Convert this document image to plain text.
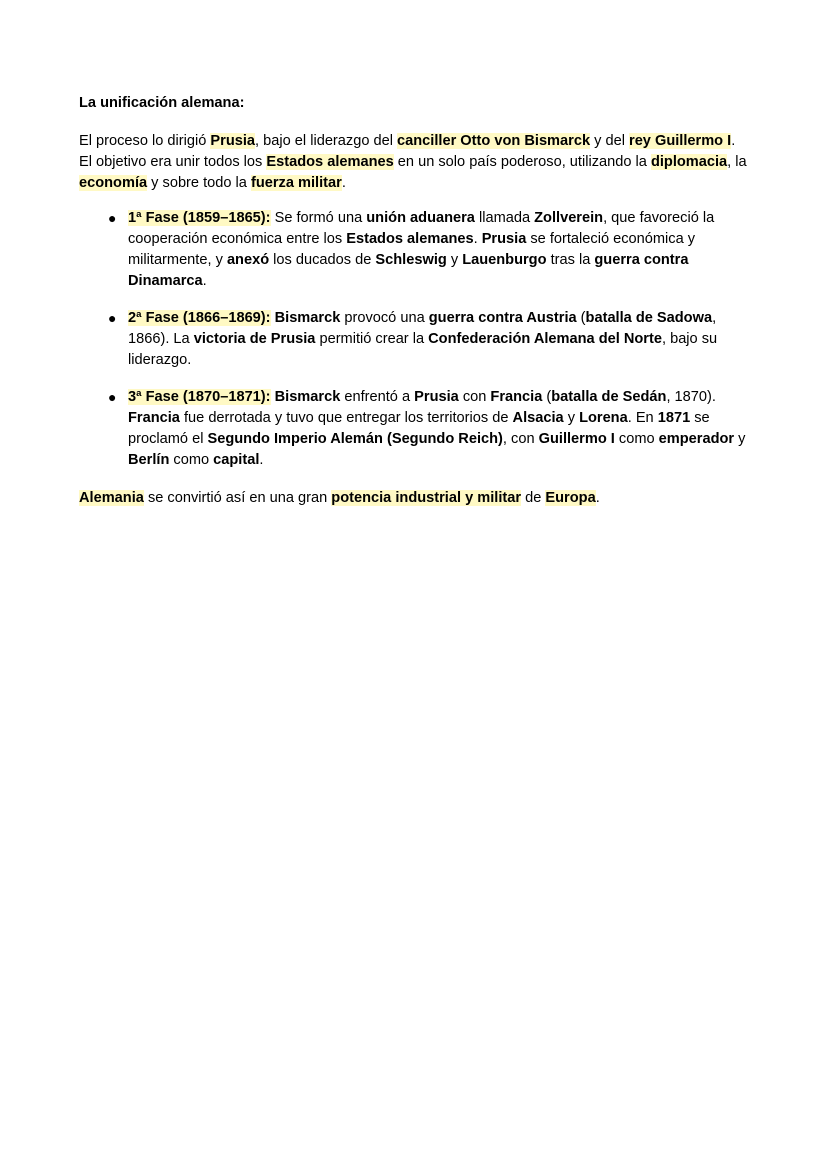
La unificación alemana:

El proceso lo dirigió Prusia, bajo el liderazgo del canciller Otto von Bismarck y del rey Guillermo I. El objetivo era unir todos los Estados alemanes en un solo país poderoso, utilizando la diplomacia, la economía y sobre todo la fuerza militar.

● 1ª Fase (1859–1865): Se formó una unión aduanera llamada Zollverein, que favoreció la cooperación económica entre los Estados alemanes. Prusia se fortaleció económica y militarmente, y anexó los ducados de Schleswig y Lauenburgo tras la guerra contra Dinamarca.
● 2ª Fase (1866–1869): Bismarck provocó una guerra contra Austria (batalla de Sadowa, 1866). La victoria de Prusia permitió crear la Confederación Alemana del Norte, bajo su liderazgo.
● 3ª Fase (1870–1871): Bismarck enfrentó a Prusia con Francia (batalla de Sedán, 1870). Francia fue derrotada y tuvo que entregar los territorios de Alsacia y Lorena. En 1871 se proclamó el Segundo Imperio Alemán (Segundo Reich), con Guillermo I como emperador y Berlín como capital.

Alemania se convirtió así en una gran potencia industrial y militar de Europa.
